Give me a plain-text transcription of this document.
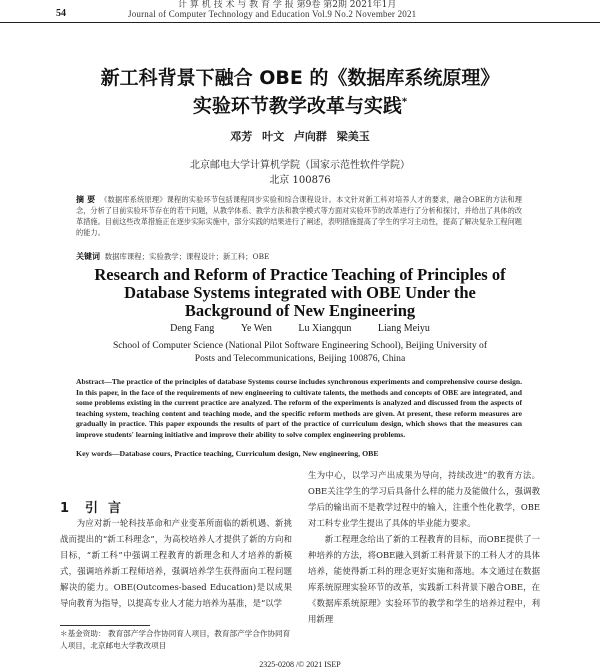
54
计 算 机 技 术 与 教 育 学 报 第9卷 第2期 2021年1月
Journal of Computer Technology and Education Vol.9 No.2 November 2021
新工科背景下融合 OBE 的《数据库系统原理》
实验环节教学改革与实践*
邓芳 叶文 卢向群 梁美玉
北京邮电大学计算机学院（国家示范性软件学院）
北京 100876
摘 要 《数据库系统原理》课程的实验环节包括课程同步实验和综合课程设计。本文针对新工科对培养人才的要求，融合OBE的方法和理念，分析了目前实验环节存在的若干问题，从教学体系、教学方法和教学模式等方面对实验环节的改革进行了分析和探讨，并给出了具体的改革措施。目前这些改革措施正在逐步实际实施中，部分实践的结果进行了阐述，表明措施提高了学生的学习主动性，提高了解决复杂工程问题的能力。
关键词 数据库课程；实验教学；课程设计；新工科；OBE
Research and Reform of Practice Teaching of Principles of
Database Systems integrated with OBE Under the
Background of New Engineering
Deng Fang	Ye Wen	Lu Xiangqun	Liang Meiyu
School of Computer Science (National Pilot Software Engineering School), Beijing University of
Posts and Telecommunications, Beijing 100876, China
Abstract—The practice of the principles of database Systems course includes synchronous experiments and comprehensive course design. In this paper, in the face of the requirements of new engineering to cultivate talents, the methods and concepts of OBE are integrated, and some problems existing in the current practice are analyzed. The reform of the experiments is analyzed and discussed from the aspects of teaching system, teaching content and teaching mode, and the specific reform methods are given. At present, these reform measures are gradually in practice. This paper expounds the results of part of the practice of curriculum design, which shows that the measures can improve students' learning initiative and improve their ability to solve complex engineering problems.
Key words—Database cours, Practice teaching, Curriculum design, New engineering, OBE
1 引言

为应对新一轮科技革命和产业变革所面临的新机遇、新挑战而提出的“新工科理念”，为高校培养人才提供了新的方向和目标，“新工科”中强调工程教育的新理念和人才培养的新模式，强调培养新工程师培养，强调培养学生获得面向工程问题解决的能力。OBE(Outcomes-based Education)是以成果导向教育为指导，以提高专业人才能力培养为基准，是“以学

＊基金资助： 教育部产学合作协同育人项目，教育部产学合作协同育人项目，北京邮电大学教改项目

生为中心，以学习产出成果为导向，持续改进”的教育方法。OBE关注学生的学习后具备什么样的能力及能做什么，强调教学后的输出而不是教学过程中的输入，注重个性化教学，OBE对工科专业学生提出了具体的毕业能力要求。

新工程理念给出了新的工程教育的目标，而OBE提供了一种培养的方法，将OBE融入到新工科背景下的工科人才的具体培养，能使得新工科的理念更好实施和落地。本文通过在数据库系统原理实验环节的改革，实践新工科背景下融合OBE，在《数据库系统原理》实验环节的教学和学生的培养过程中，利用新理

2325-0208 /© 2021 ISEP
